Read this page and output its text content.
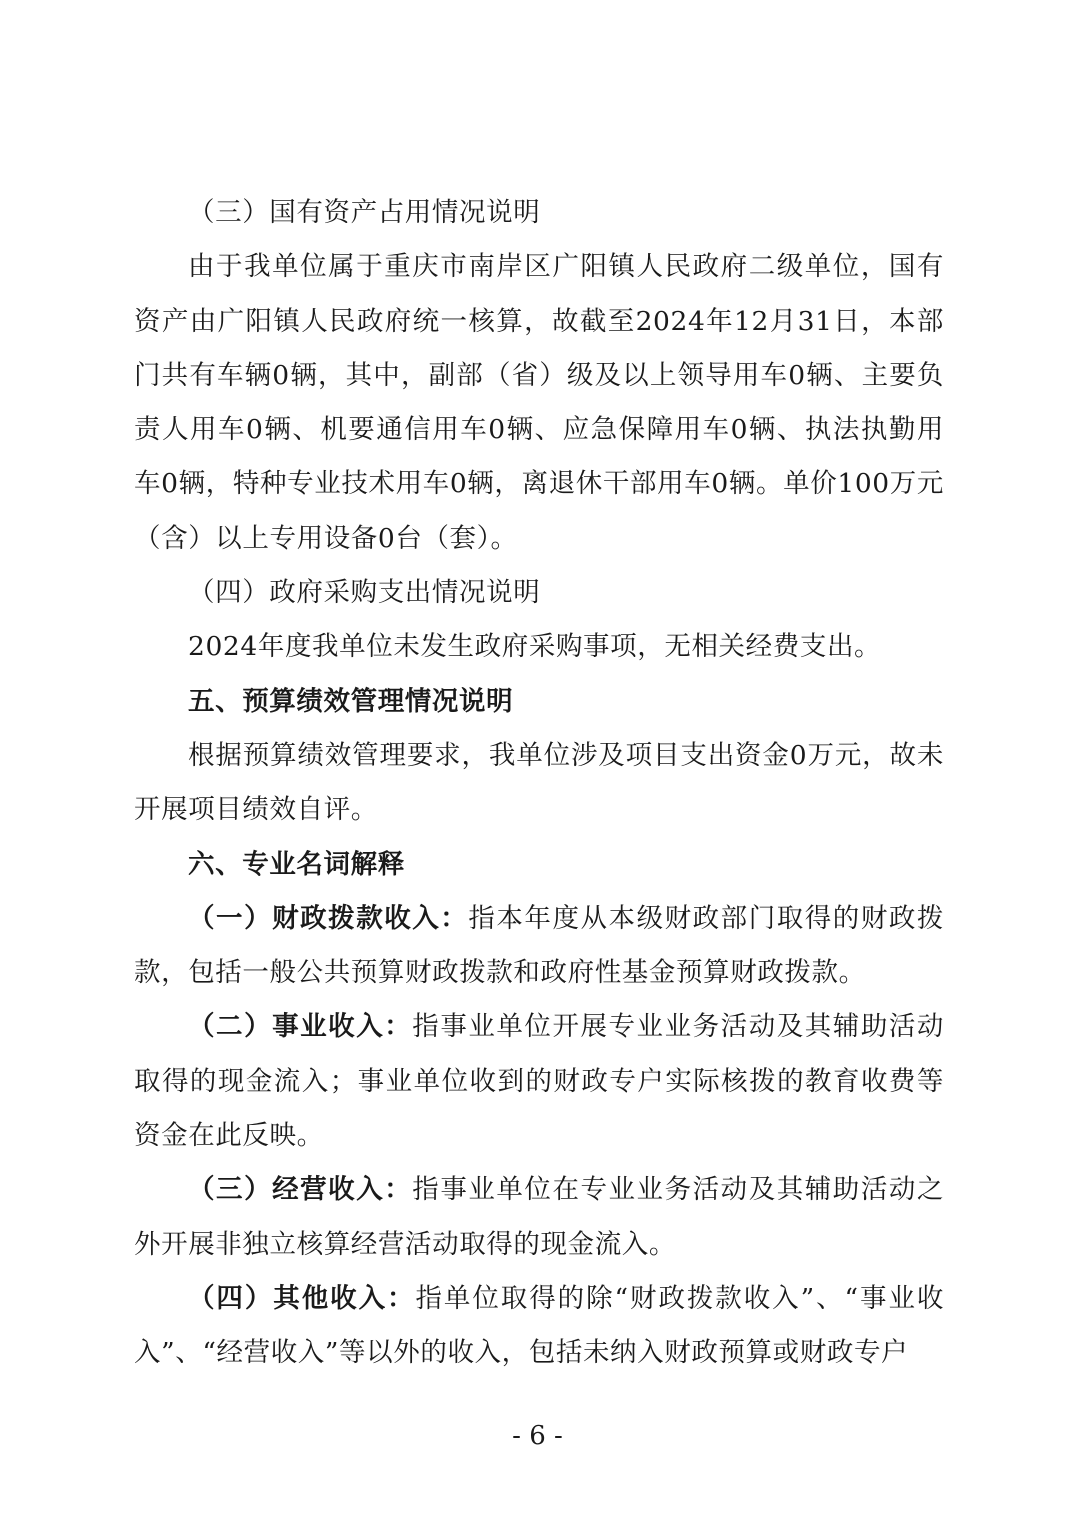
（三）国有资产占用情况说明

由于我单位属于重庆市南岸区广阳镇人民政府二级单位，国有资产由广阳镇人民政府统一核算，故截至2024年12月31日，本部门共有车辆0辆，其中，副部（省）级及以上领导用车0辆、主要负责人用车0辆、机要通信用车0辆、应急保障用车0辆、执法执勤用车0辆，特种专业技术用车0辆，离退休干部用车0辆。单价100万元（含）以上专用设备0台（套）。

（四）政府采购支出情况说明

2024年度我单位未发生政府采购事项，无相关经费支出。

五、预算绩效管理情况说明

根据预算绩效管理要求，我单位涉及项目支出资金0万元，故未开展项目绩效自评。

六、专业名词解释

（一）财政拨款收入：指本年度从本级财政部门取得的财政拨款，包括一般公共预算财政拨款和政府性基金预算财政拨款。

（二）事业收入：指事业单位开展专业业务活动及其辅助活动取得的现金流入；事业单位收到的财政专户实际核拨的教育收费等资金在此反映。

（三）经营收入：指事业单位在专业业务活动及其辅助活动之外开展非独立核算经营活动取得的现金流入。

（四）其他收入：指单位取得的除“财政拨款收入”、“事业收入”、“经营收入”等以外的收入，包括未纳入财政预算或财政专户

- 6 -
